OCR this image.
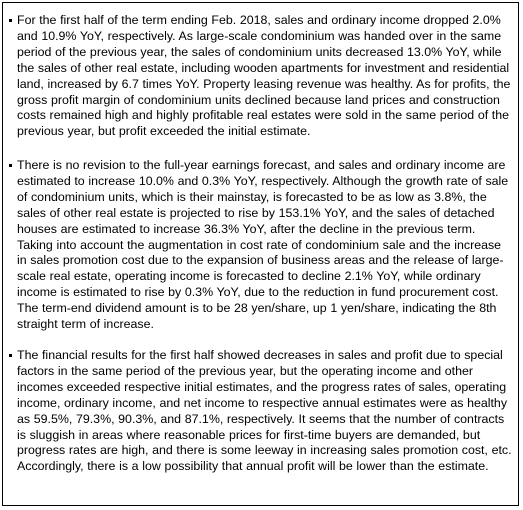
For the first half of the term ending Feb. 2018, sales and ordinary income dropped 2.0% and 10.9% YoY, respectively. As large-scale condominium was handed over in the same period of the previous year, the sales of condominium units decreased 13.0% YoY, while the sales of other real estate, including wooden apartments for investment and residential land, increased by 6.7 times YoY. Property leasing revenue was healthy. As for profits, the gross profit margin of condominium units declined because land prices and construction costs remained high and highly profitable real estates were sold in the same period of the previous year, but profit exceeded the initial estimate.
There is no revision to the full-year earnings forecast, and sales and ordinary income are estimated to increase 10.0% and 0.3% YoY, respectively. Although the growth rate of sale of condominium units, which is their mainstay, is forecasted to be as low as 3.8%, the sales of other real estate is projected to rise by 153.1% YoY, and the sales of detached houses are estimated to increase 36.3% YoY, after the decline in the previous term. Taking into account the augmentation in cost rate of condominium sale and the increase in sales promotion cost due to the expansion of business areas and the release of large-scale real estate, operating income is forecasted to decline 2.1% YoY, while ordinary income is estimated to rise by 0.3% YoY, due to the reduction in fund procurement cost. The term-end dividend amount is to be 28 yen/share, up 1 yen/share, indicating the 8th straight term of increase.
The financial results for the first half showed decreases in sales and profit due to special factors in the same period of the previous year, but the operating income and other incomes exceeded respective initial estimates, and the progress rates of sales, operating income, ordinary income, and net income to respective annual estimates were as healthy as 59.5%, 79.3%, 90.3%, and 87.1%, respectively. It seems that the number of contracts is sluggish in areas where reasonable prices for first-time buyers are demanded, but progress rates are high, and there is some leeway in increasing sales promotion cost, etc. Accordingly, there is a low possibility that annual profit will be lower than the estimate.
